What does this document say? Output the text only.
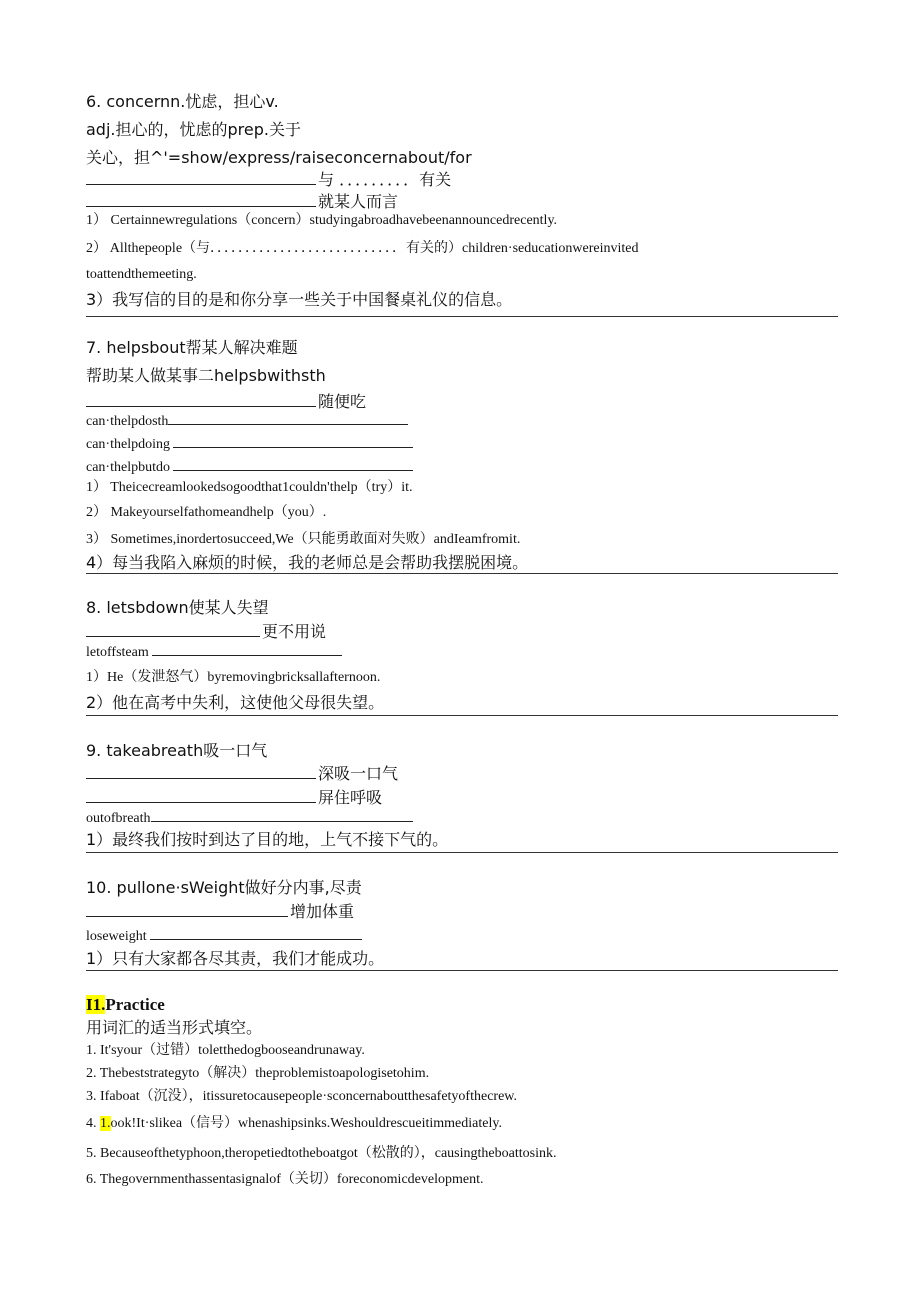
6. concernn.忧虑，担心v.
adj.担心的，忧虑的prep.关于
关心，担^'=show/express/raiseconcernabout/for
与 ．．．．．．．．．有关
就某人而言
1） Certainnewregulations（concern）studyingabroadhavebeenannouncedrecently.
2） Allthepeople（与．．．．．．．．．．．．．．．．．．．．．．．．．．．有关的）children·seducationwereinvited
toattendthemeeting.
3）我写信的目的是和你分享一些关于中国餐桌礼仪的信息。
7. helpsbout帮某人解决难题
帮助某人做某事二helpsbwithsth
随便吃
can·thelpdosth
can·thelpdoing
can·thelpbutdo
1） Theicecreamlookedsogoodthat1couldn'thelp（try）it.
2） Makeyourselfathomeandhelp（you）.
3） Sometimes,inordertosucceed,We（只能勇敢面对失败）andIeamfromit.
4）每当我陷入麻烦的时候，我的老师总是会帮助我摆脱困境。
8. letsbdown使某人失望
更不用说
letoffsteam
1）He（发泄怒气）byremovingbricksallafternoon.
2）他在高考中失利，这使他父母很失望。
9. takeabreath吸一口气
深吸一口气
屏住呼吸
outofbreath
1）最终我们按时到达了目的地，上气不接下气的。
10. pullone·sWeight做好分内事,尽责
增加体重
loseweight
1）只有大家都各尽其责，我们才能成功。
I1.Practice
用词汇的适当形式填空。
1. It'syour（过错）toletthedogbooseandrunaway.
2. Thebeststrategyto（解决）theproblemistoapologisetohim.
3. Ifaboat（沉没），itissuretocausepeople·sconcernaboutthesafetyofthecrew.
4. 1.ook!It·slikea（信号）whenashipsinks.Weshouldrescueitimmediately.
5. Becauseofthetyphoon,theropetiedtotheboatgot（松散的），causingtheboattosink.
6. Thegovernmenthassentasignalof（关切）foreconomicdevelopment.
